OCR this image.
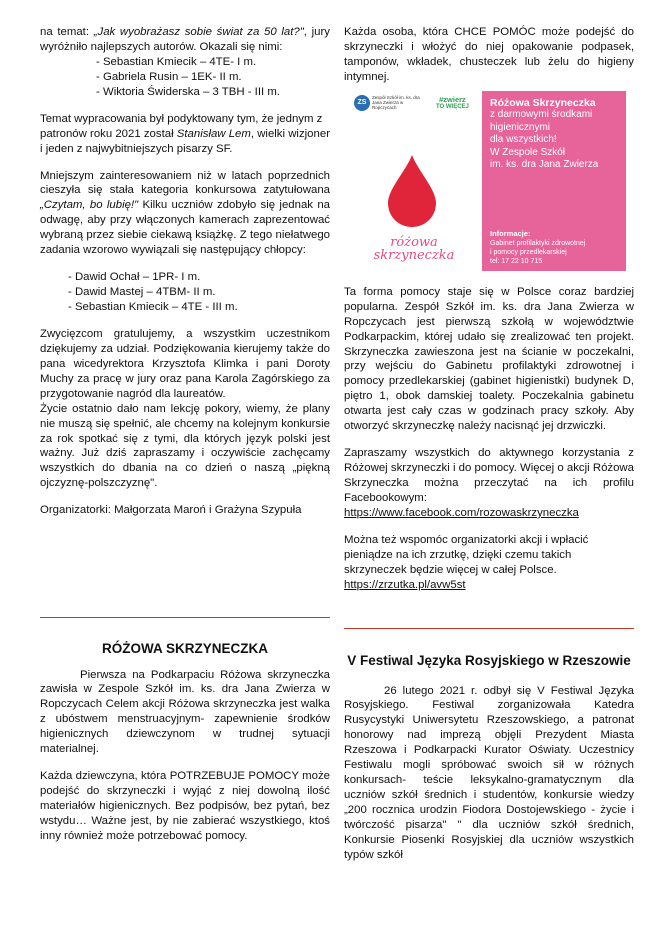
na temat: „Jak wyobrażasz sobie świat za 50 lat?", jury wyróżniło najlepszych autorów. Okazali się nimi:

- Sebastian Kmiecik – 4TE- I m.
- Gabriela Rusin – 1EK- II m.
- Wiktoria Świderska – 3 TBH - III m.

Temat wypracowania był podyktowany tym, że jednym z patronów roku 2021 został Stanisław Lem, wielki wizjoner i jeden z najwybitniejszych pisarzy SF.

Mniejszym zainteresowaniem niż w latach poprzednich cieszyła się stała kategoria konkursowa zatytułowana „Czytam, bo lubię!" Kilku uczniów zdobyło się jednak na odwagę, aby przy włączonych kamerach zaprezentować wybraną przez siebie ciekawą książkę. Z tego niełatwego zadania wzorowo wywiązali się następujący chłopcy:

- Dawid Ochał – 1PR- I m.
- Dawid Mastej – 4TBM- II m.
- Sebastian Kmiecik – 4TE - III m.

Zwycięzcom gratulujemy, a wszystkim uczestnikom dziękujemy za udział. Podziękowania kierujemy także do pana wicedyrektora Krzysztofa Klimka i pani Doroty Muchy za pracę w jury oraz pana Karola Zagórskiego za przygotowanie nagród dla laureatów.

Życie ostatnio dało nam lekcję pokory, wiemy, że plany nie muszą się spełnić, ale chcemy na kolejnym konkursie za rok spotkać się z tymi, dla których język polski jest ważny. Już dziś zapraszamy i oczywiście zachęcamy wszystkich do dbania na co dzień o naszą „piękną ojczyznę-polszczyznę".

Organizatorki: Małgorzata Maroń i Grażyna Szypuła

RÓŻOWA SKRZYNECZKA

Pierwsza na Podkarpaciu Różowa skrzyneczka zawisła w Zespole Szkół im. ks. dra Jana Zwierza w Ropczycach Celem akcji Różowa skrzyneczka jest walka z ubóstwem menstruacyjnym- zapewnienie środków higienicznych dziewczynom w trudnej sytuacji materialnej.

Każda dziewczyna, która POTRZEBUJE POMOCY może podejść do skrzyneczki i wyjąć z niej dowolną ilość materiałów higienicznych. Bez podpisów, bez pytań, bez wstydu… Ważne jest, by nie zabierać wszystkiego, ktoś inny również może potrzebować pomocy.

Każda osoba, która CHCE POMÓC może podejść do skrzyneczki i włożyć do niej opakowanie podpasek, tamponów, wkładek, chusteczek lub żelu do higieny intymnej.

ZS
Zespół Szkół im. ks. dra Jana Zwierza w Ropczycach
#zwierz
TO WIĘCEJ
różowa
skrzyneczka
Różowa Skrzyneczka
z darmowymi środkami
higienicznymi
dla wszystkich!
W Zespole Szkół
im. ks. dra Jana Zwierza
Informacje:
Gabinet profilaktyki zdrowotnej
i pomocy przedlekarskiej
tel: 17 22 10 715

Ta forma pomocy staje się w Polsce coraz bardziej popularna. Zespół Szkół im. ks. dra Jana Zwierza w Ropczycach jest pierwszą szkołą w województwie Podkarpackim, której udało się zrealizować ten projekt. Skrzyneczka zawieszona jest na ścianie w poczekalni, przy wejściu do Gabinetu profilaktyki zdrowotnej i pomocy przedlekarskiej (gabinet higienistki) budynek D, piętro 1, obok damskiej toalety. Poczekalnia gabinetu otwarta jest cały czas w godzinach pracy szkoły. Aby otworzyć skrzyneczkę należy nacisnąć jej drzwiczki.

Zapraszamy wszystkich do aktywnego korzystania z Różowej skrzyneczki i do pomocy. Więcej o akcji Różowa Skrzyneczka można przeczytać na ich profilu Facebookowym:

https://www.facebook.com/rozowaskrzyneczka

Można też wspomóc organizatorki akcji i wpłacić pieniądze na ich zrzutkę, dzięki czemu takich skrzyneczek będzie więcej w całej Polsce.

https://zrzutka.pl/avw5st
V Festiwal Języka Rosyjskiego w Rzeszowie

26 lutego 2021 r. odbył się V Festiwal Języka Rosyjskiego. Festiwal zorganizowała Katedra Rusycystyki Uniwersytetu Rzeszowskiego, a patronat honorowy nad imprezą objęli Prezydent Miasta Rzeszowa i Podkarpacki Kurator Oświaty. Uczestnicy Festiwalu mogli spróbować swoich sił w różnych konkursach- teście leksykalno-gramatycznym dla uczniów szkół średnich i studentów, konkursie wiedzy „200 rocznica urodzin Fiodora Dostojewskiego - życie i twórczość pisarza" " dla uczniów szkół średnich, Konkursie Piosenki Rosyjskiej dla uczniów wszystkich typów szkół
